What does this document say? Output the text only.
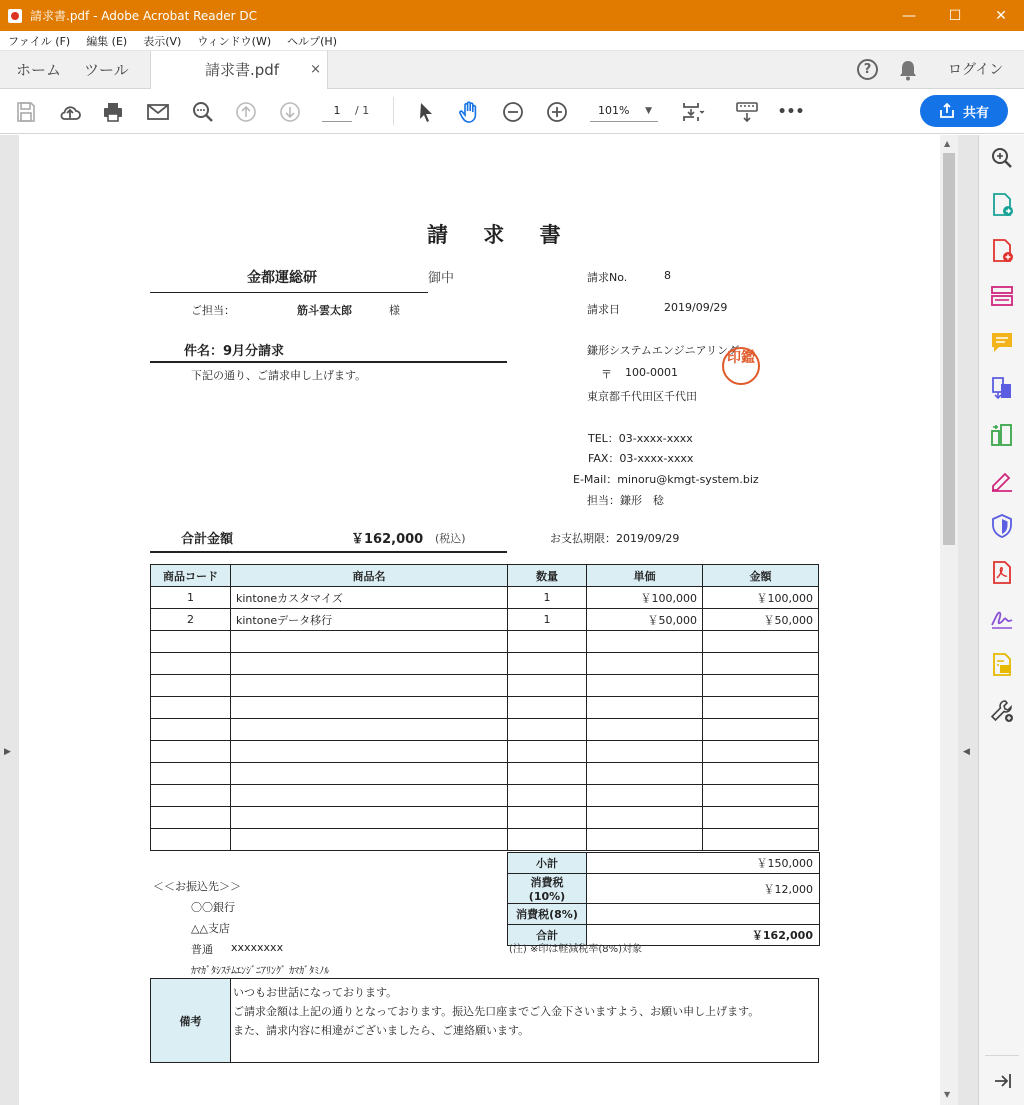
請求書.pdf - Adobe Acrobat Reader DC	—	☐	✕
ファイル (F)	編集 (E)	表示(V)	ウィンドウ(W)	ヘルプ(H)
ホーム ツール	請求書.pdf ×	?	ログイン
1	/ 1	101% ▼	•••	共有
▶
請 求 書
金都運総研	御中
ご担当：	筋斗雲太郎	様
件名：9月分請求
下記の通り、ご請求申し上げます。
請求No.	8
請求日	2019/09/29
鎌形システムエンジニアリング
〒 100-0001
東京都千代田区千代田
TEL：03-xxxx-xxxx
FAX：03-xxxx-xxxx
E-Mail：minoru@kmgt-system.biz
担当：鎌形　稔
印鑑
合計金額	￥162,000 (税込)	お支払期限：2019/09/29
商品コード	商品名	数量	単価	金額
1	kintoneカスタマイズ	1	￥100,000	￥100,000
2	kintoneデータ移行	1	￥50,000	￥50,000

小計	￥150,000
消費税(10%)	￥12,000
消費税(8%)	
合計	￥162,000
(注) ※印は軽減税率(8%)対象
＜＜お振込先＞＞
〇〇銀行
△△支店
普通 xxxxxxxx
ｶﾏｶﾞﾀｼｽﾃﾑｴﾝｼﾞﾆｱﾘﾝｸﾞ ｶﾏｶﾞﾀﾐﾉﾙ
備考	
いつもお世話になっております。
ご請求金額は上記の通りとなっております。振込先口座までご入金下さいますよう、お願い申し上げます。
また、請求内容に相違がございましたら、ご連絡願います。
▲
▼
◀
